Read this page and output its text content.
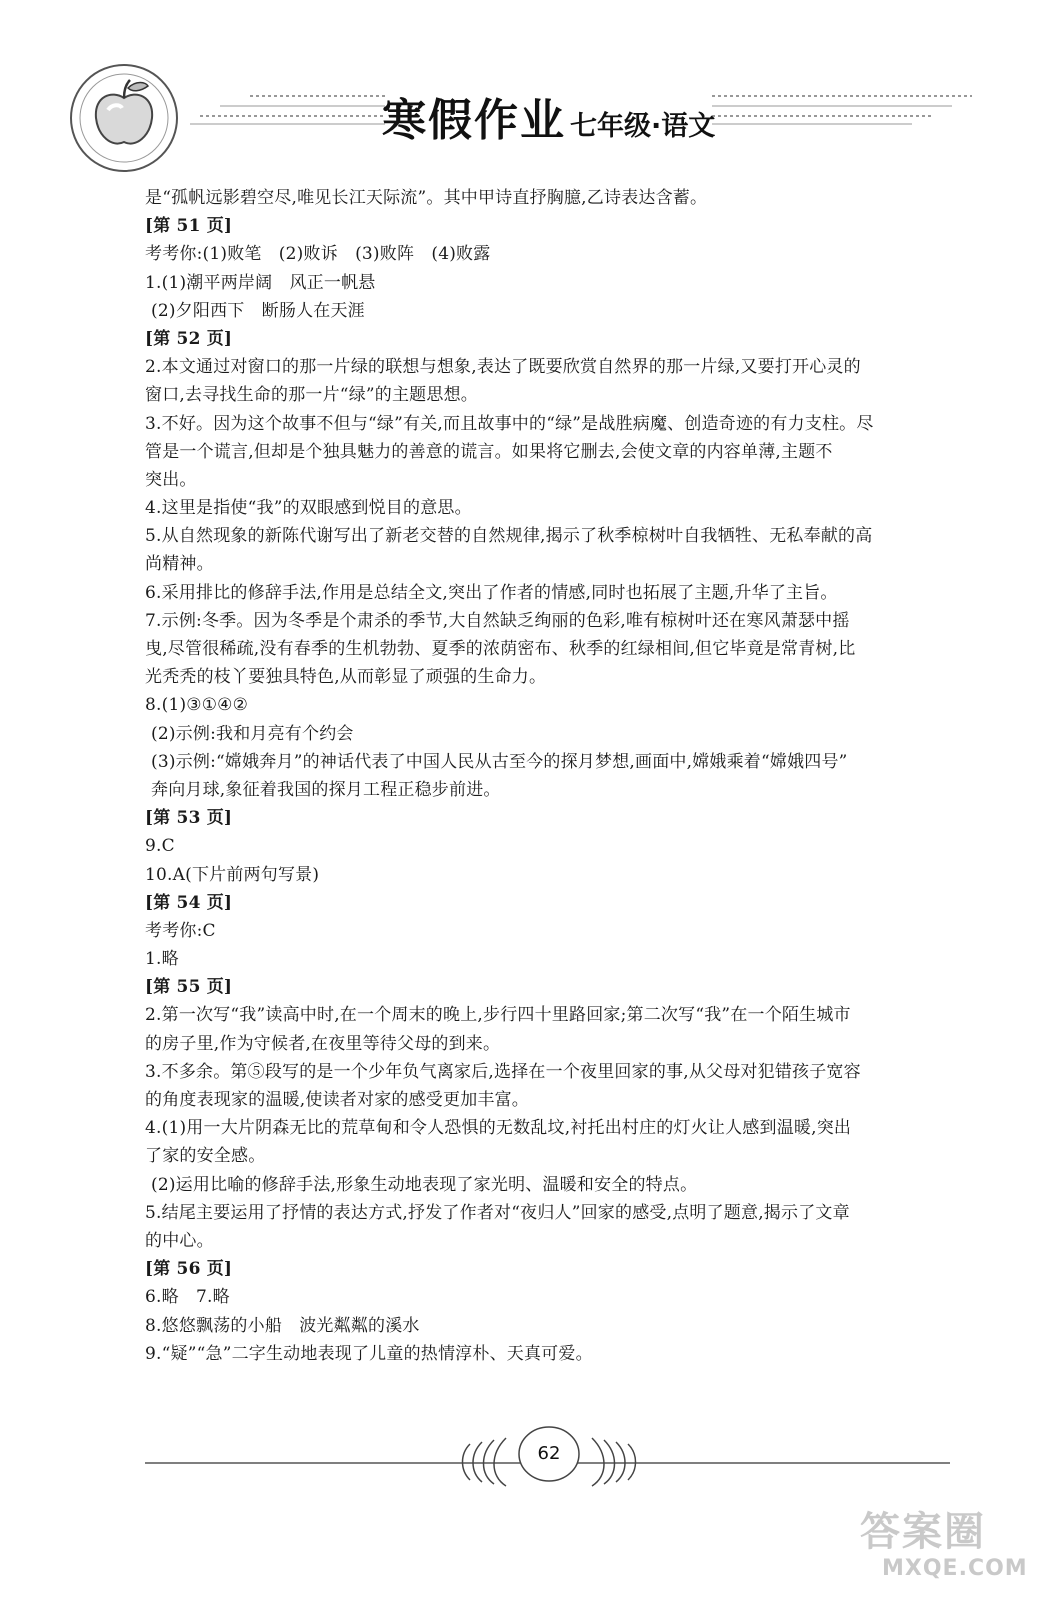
寒假作业 七年级·语文
是“孤帆远影碧空尽,唯见长江天际流”。其中甲诗直抒胸臆,乙诗表达含蓄。
[第 51 页]
考考你:(1)败笔　(2)败诉　(3)败阵　(4)败露
1.(1)潮平两岸阔　风正一帆悬
(2)夕阳西下　断肠人在天涯
[第 52 页]
2.本文通过对窗口的那一片绿的联想与想象,表达了既要欣赏自然界的那一片绿,又要打开心灵的
窗口,去寻找生命的那一片“绿”的主题思想。
3.不好。因为这个故事不但与“绿”有关,而且故事中的“绿”是战胜病魔、创造奇迹的有力支柱。尽
管是一个谎言,但却是个独具魅力的善意的谎言。如果将它删去,会使文章的内容单薄,主题不
突出。
4.这里是指使“我”的双眼感到悦目的意思。
5.从自然现象的新陈代谢写出了新老交替的自然规律,揭示了秋季椋树叶自我牺牲、无私奉献的高
尚精神。
6.采用排比的修辞手法,作用是总结全文,突出了作者的情感,同时也拓展了主题,升华了主旨。
7.示例:冬季。因为冬季是个肃杀的季节,大自然缺乏绚丽的色彩,唯有椋树叶还在寒风萧瑟中摇
曳,尽管很稀疏,没有春季的生机勃勃、夏季的浓荫密布、秋季的红绿相间,但它毕竟是常青树,比
光秃秃的枝丫要独具特色,从而彰显了顽强的生命力。
8.(1)③①④②
(2)示例:我和月亮有个约会
(3)示例:“嫦娥奔月”的神话代表了中国人民从古至今的探月梦想,画面中,嫦娥乘着“嫦娥四号”
奔向月球,象征着我国的探月工程正稳步前进。
[第 53 页]
9.C
10.A(下片前两句写景)
[第 54 页]
考考你:C
1.略
[第 55 页]
2.第一次写“我”读高中时,在一个周末的晚上,步行四十里路回家;第二次写“我”在一个陌生城市
的房子里,作为守候者,在夜里等待父母的到来。
3.不多余。第⑤段写的是一个少年负气离家后,选择在一个夜里回家的事,从父母对犯错孩子宽容
的角度表现家的温暖,使读者对家的感受更加丰富。
4.(1)用一大片阴森无比的荒草甸和令人恐惧的无数乱坟,衬托出村庄的灯火让人感到温暖,突出
了家的安全感。
(2)运用比喻的修辞手法,形象生动地表现了家光明、温暖和安全的特点。
5.结尾主要运用了抒情的表达方式,抒发了作者对“夜归人”回家的感受,点明了题意,揭示了文章
的中心。
[第 56 页]
6.略　7.略
8.悠悠飘荡的小船　波光粼粼的溪水
9.“疑”“急”二字生动地表现了儿童的热情淳朴、天真可爱。
62
答案圈
MXQE.COM
